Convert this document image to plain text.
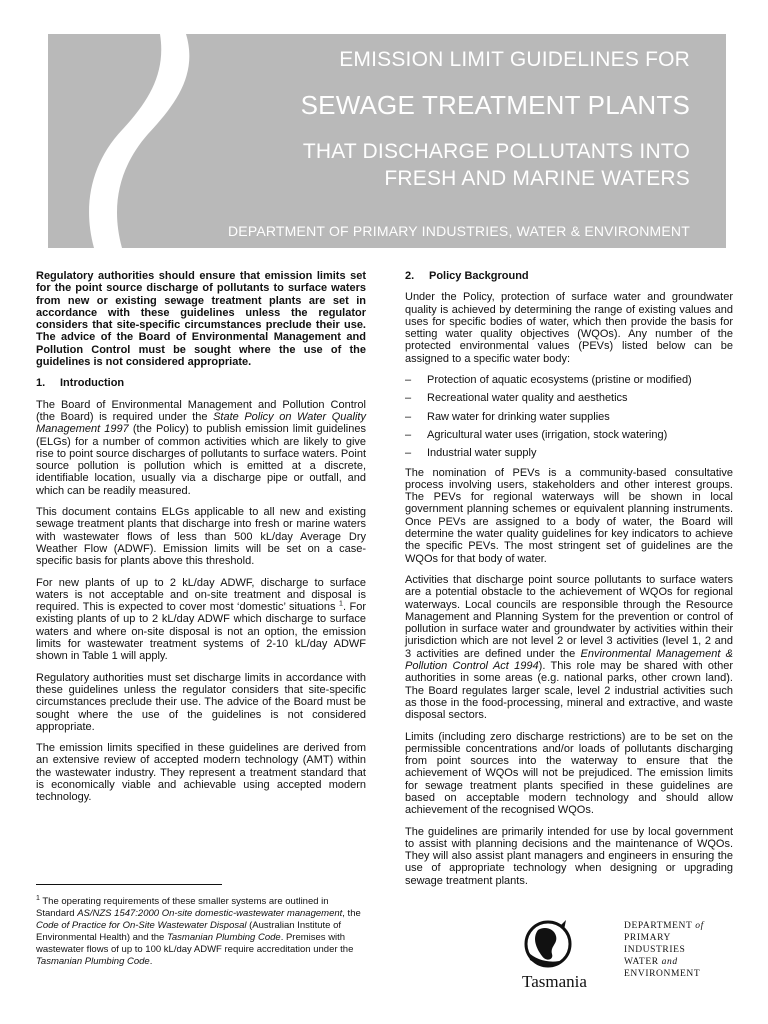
EMISSION LIMIT GUIDELINES FOR
SEWAGE TREATMENT PLANTS
THAT DISCHARGE POLLUTANTS INTO
FRESH AND MARINE WATERS
DEPARTMENT OF PRIMARY INDUSTRIES, WATER & ENVIRONMENT

Regulatory authorities should ensure that emission limits set for the point source discharge of pollutants to surface waters from new or existing sewage treatment plants are set in accordance with these guidelines unless the regulator considers that site-specific circumstances preclude their use. The advice of the Board of Environmental Management and Pollution Control must be sought where the use of the guidelines is not considered appropriate.

1.	Introduction

The Board of Environmental Management and Pollution Control (the Board) is required under the State Policy on Water Quality Management 1997 (the Policy) to publish emission limit guidelines (ELGs) for a number of common activities which are likely to give rise to point source discharges of pollutants to surface waters. Point source pollution is pollution which is emitted at a discrete, identifiable location, usually via a discharge pipe or outfall, and which can be readily measured.

This document contains ELGs applicable to all new and existing sewage treatment plants that discharge into fresh or marine waters with wastewater flows of less than 500 kL/day Average Dry Weather Flow (ADWF). Emission limits will be set on a case-specific basis for plants above this threshold.

For new plants of up to 2 kL/day ADWF, discharge to surface waters is not acceptable and on-site treatment and disposal is required. This is expected to cover most ‘domestic’ situations $^1$. For existing plants of up to 2 kL/day ADWF which discharge to surface waters and where on-site disposal is not an option, the emission limits for wastewater treatment systems of 2-10 kL/day ADWF shown in Table 1 will apply.

Regulatory authorities must set discharge limits in accordance with these guidelines unless the regulator considers that site-specific circumstances preclude their use. The advice of the Board must be sought where the use of the guidelines is not considered appropriate.

The emission limits specified in these guidelines are derived from an extensive review of accepted modern technology (AMT) within the wastewater industry. They represent a treatment standard that is economically viable and achievable using accepted modern technology.

$^1$ The operating requirements of these smaller systems are outlined in Standard AS/NZS 1547:2000 On-site domestic-wastewater management, the Code of Practice for On-Site Wastewater Disposal (Australian Institute of Environmental Health) and the Tasmanian Plumbing Code. Premises with wastewater flows of up to 100 kL/day ADWF require accreditation under the Tasmanian Plumbing Code.
2.	Policy Background

Under the Policy, protection of surface water and groundwater quality is achieved by determining the range of existing values and uses for specific bodies of water, which then provide the basis for setting water quality objectives (WQOs). Any number of the protected environmental values (PEVs) listed below can be assigned to a specific water body:

–	Protection of aquatic ecosystems (pristine or modified)
–	Recreational water quality and aesthetics
–	Raw water for drinking water supplies
–	Agricultural water uses (irrigation, stock watering)
–	Industrial water supply

The nomination of PEVs is a community-based consultative process involving users, stakeholders and other interest groups. The PEVs for regional waterways will be shown in local government planning schemes or equivalent planning instruments. Once PEVs are assigned to a body of water, the Board will determine the water quality guidelines for key indicators to achieve the specific PEVs. The most stringent set of guidelines are the WQOs for that body of water.

Activities that discharge point source pollutants to surface waters are a potential obstacle to the achievement of WQOs for regional waterways. Local councils are responsible through the Resource Management and Planning System for the prevention or control of pollution in surface water and groundwater by activities within their jurisdiction which are not level 2 or level 3 activities (level 1, 2 and 3 activities are defined under the Environmental Management & Pollution Control Act 1994). This role may be shared with other authorities in some areas (e.g. national parks, other crown land). The Board regulates larger scale, level 2 industrial activities such as those in the food-processing, mineral and extractive, and waste disposal sectors.

Limits (including zero discharge restrictions) are to be set on the permissible concentrations and/or loads of pollutants discharging from point sources into the waterway to ensure that the achievement of WQOs will not be prejudiced. The emission limits for sewage treatment plants specified in these guidelines are based on acceptable modern technology and should allow achievement of the recognised WQOs.

The guidelines are primarily intended for use by local government to assist with planning decisions and the maintenance of WQOs. They will also assist plant managers and engineers in ensuring the use of appropriate technology when designing or upgrading sewage treatment plants.

Tasmania
DEPARTMENT of
PRIMARY
INDUSTRIES
WATER and
ENVIRONMENT
